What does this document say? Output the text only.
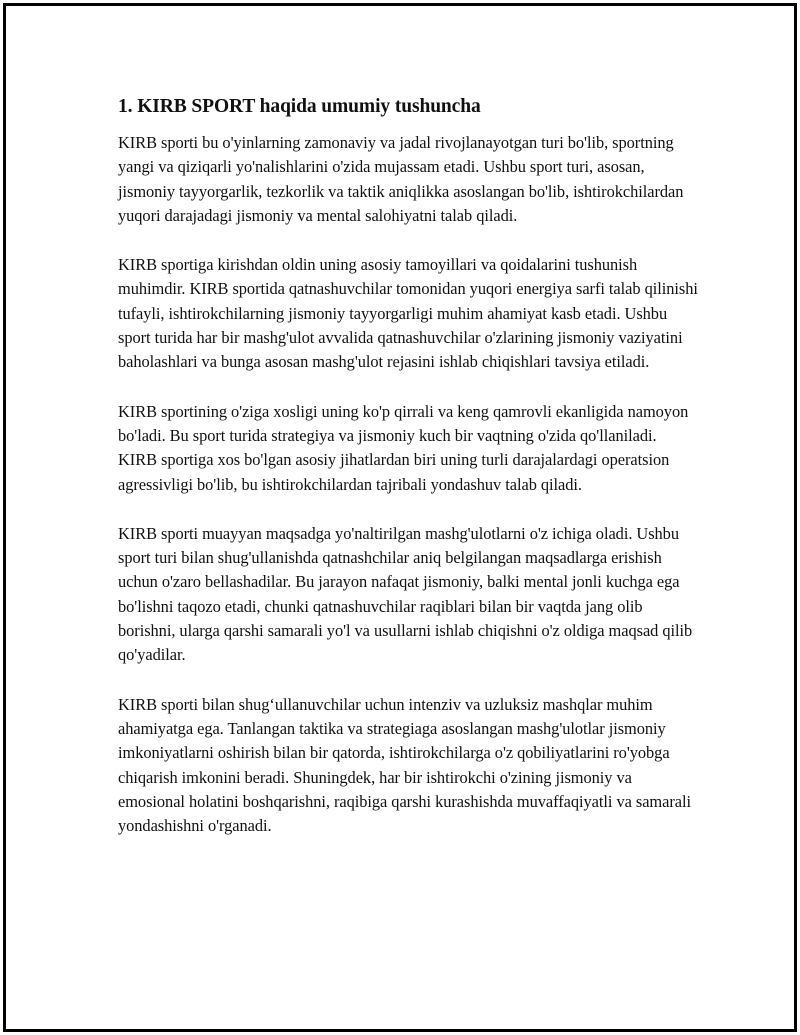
1. KIRB SPORT haqida umumiy tushuncha

KIRB sporti bu o'yinlarning zamonaviy va jadal rivojlanayotgan turi bo'lib, sportning yangi va qiziqarli yo'nalishlarini o'zida mujassam etadi. Ushbu sport turi, asosan, jismoniy tayyorgarlik, tezkorlik va taktik aniqlikka asoslangan bo'lib, ishtirokchilardan yuqori darajadagi jismoniy va mental salohiyatni talab qiladi.

KIRB sportiga kirishdan oldin uning asosiy tamoyillari va qoidalarini tushunish muhimdir. KIRB sportida qatnashuvchilar tomonidan yuqori energiya sarfi talab qilinishi tufayli, ishtirokchilarning jismoniy tayyorgarligi muhim ahamiyat kasb etadi. Ushbu sport turida har bir mashg'ulot avvalida qatnashuvchilar o'zlarining jismoniy vaziyatini baholashlari va bunga asosan mashg'ulot rejasini ishlab chiqishlari tavsiya etiladi.

KIRB sportining o'ziga xosligi uning ko'p qirrali va keng qamrovli ekanligida namoyon bo'ladi. Bu sport turida strategiya va jismoniy kuch bir vaqtning o'zida qo'llaniladi. KIRB sportiga xos bo'lgan asosiy jihatlardan biri uning turli darajalardagi operatsion agressivligi bo'lib, bu ishtirokchilardan tajribali yondashuv talab qiladi.

KIRB sporti muayyan maqsadga yo'naltirilgan mashg'ulotlarni o'z ichiga oladi. Ushbu sport turi bilan shug'ullanishda qatnashchilar aniq belgilangan maqsadlarga erishish uchun o'zaro bellashadilar. Bu jarayon nafaqat jismoniy, balki mental jonli kuchga ega bo'lishni taqozo etadi, chunki qatnashuvchilar raqiblari bilan bir vaqtda jang olib borishni, ularga qarshi samarali yo'l va usullarni ishlab chiqishni o'z oldiga maqsad qilib qo'yadilar.

KIRB sporti bilan shug‘ullanuvchilar uchun intenziv va uzluksiz mashqlar muhim ahamiyatga ega. Tanlangan taktika va strategiaga asoslangan mashg'ulotlar jismoniy imkoniyatlarni oshirish bilan bir qatorda, ishtirokchilarga o'z qobiliyatlarini ro'yobga chiqarish imkonini beradi. Shuningdek, har bir ishtirokchi o'zining jismoniy va emosional holatini boshqarishni, raqibiga qarshi kurashishda muvaffaqiyatli va samarali yondashishni o'rganadi.
